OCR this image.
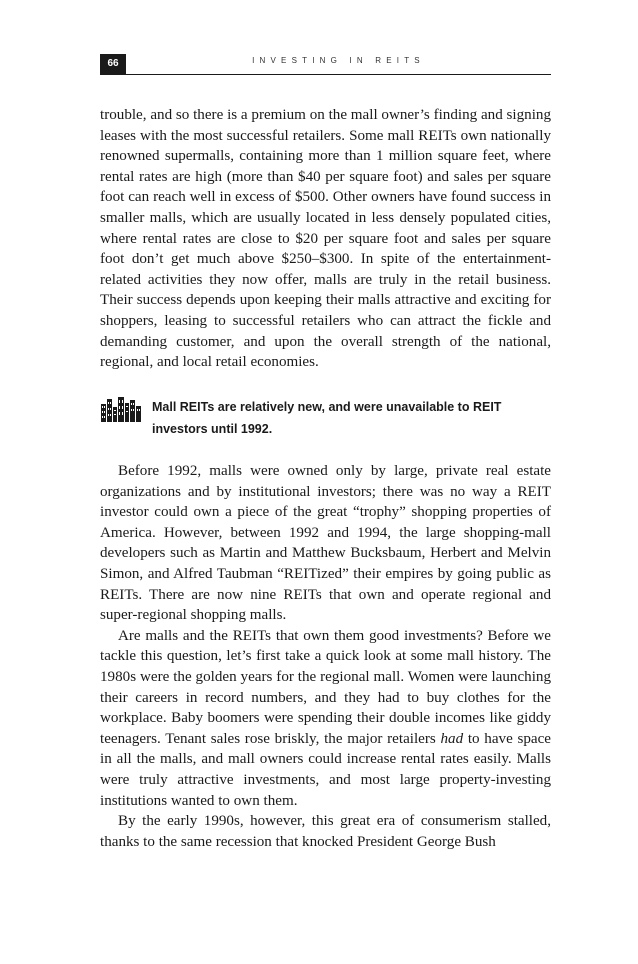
66	INVESTING IN REITS

trouble, and so there is a premium on the mall owner’s finding and signing leases with the most successful retailers. Some mall REITs own nationally renowned supermalls, containing more than 1 million square feet, where rental rates are high (more than $40 per square foot) and sales per square foot can reach well in excess of $500. Other owners have found success in smaller malls, which are usually located in less densely populated cities, where rental rates are close to $20 per square foot and sales per square foot don’t get much above $250–$300. In spite of the entertainment-related activities they now offer, malls are truly in the retail business. Their success depends upon keeping their malls attractive and exciting for shoppers, leasing to successful retailers who can attract the fickle and demanding customer, and upon the overall strength of the national, regional, and local retail economies.

Mall REITs are relatively new, and were unavailable to REIT investors until 1992.

Before 1992, malls were owned only by large, private real estate organizations and by institutional investors; there was no way a REIT investor could own a piece of the great “trophy” shopping properties of America. However, between 1992 and 1994, the large shopping-mall developers such as Martin and Matthew Bucksbaum, Herbert and Melvin Simon, and Alfred Taubman “REITized” their empires by going public as REITs. There are now nine REITs that own and operate regional and super-regional shopping malls.

Are malls and the REITs that own them good investments? Before we tackle this question, let’s first take a quick look at some mall history. The 1980s were the golden years for the regional mall. Women were launching their careers in record numbers, and they had to buy clothes for the workplace. Baby boomers were spending their double incomes like giddy teenagers. Tenant sales rose briskly, the major retailers had to have space in all the malls, and mall owners could increase rental rates easily. Malls were truly attractive investments, and most large property-investing institutions wanted to own them.

By the early 1990s, however, this great era of consumerism stalled, thanks to the same recession that knocked President George Bush
